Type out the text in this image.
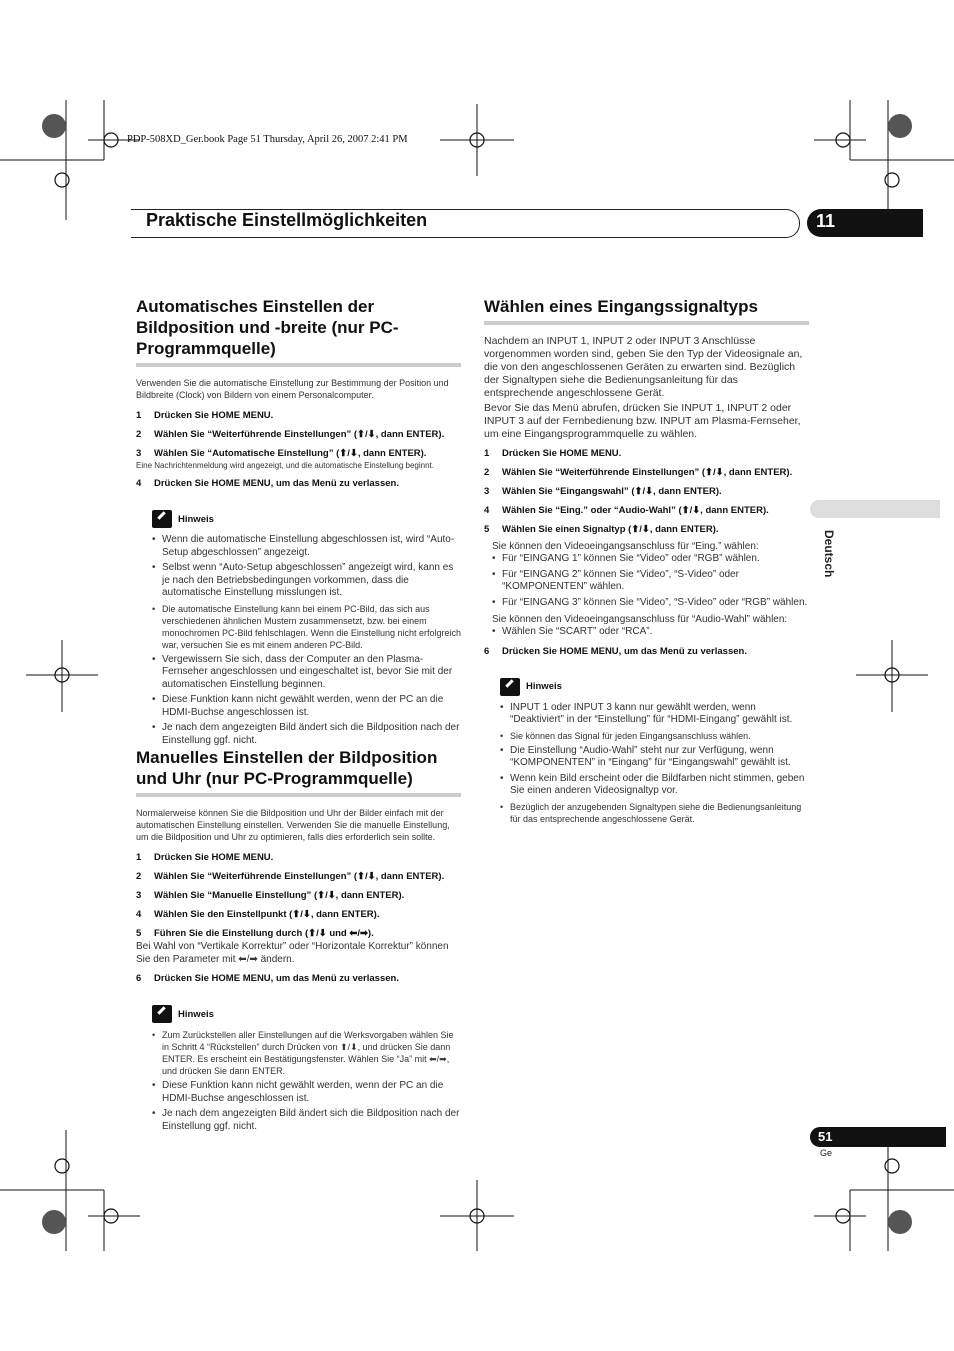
PDP-508XD_Ger.book Page 51 Thursday, April 26, 2007 2:41 PM
Praktische Einstellmöglichkeiten	11
Deutsch
51
Ge
Automatisches Einstellen der Bildposition und -breite (nur PC-Programmquelle)

Verwenden Sie die automatische Einstellung zur Bestimmung der Position und Bildbreite (Clock) von Bildern von einem Personalcomputer.

1	Drücken Sie HOME MENU.
2	Wählen Sie “Weiterführende Einstellungen” (⬆/⬇, dann ENTER).
3	Wählen Sie “Automatische Einstellung” (⬆/⬇, dann ENTER).

Eine Nachrichtenmeldung wird angezeigt, und die automatische Einstellung beginnt.

4	Drücken Sie HOME MENU, um das Menü zu verlassen.
Hinweis
• Wenn die automatische Einstellung abgeschlossen ist, wird “Auto-Setup abgeschlossen” angezeigt.
• Selbst wenn “Auto-Setup abgeschlossen” angezeigt wird, kann es je nach den Betriebsbedingungen vorkommen, dass die automatische Einstellung misslungen ist.
• Die automatische Einstellung kann bei einem PC-Bild, das sich aus verschiedenen ähnlichen Mustern zusammensetzt, bzw. bei einem monochromen PC-Bild fehlschlagen. Wenn die Einstellung nicht erfolgreich war, versuchen Sie es mit einem anderen PC-Bild.
• Vergewissern Sie sich, dass der Computer an den Plasma-Fernseher angeschlossen und eingeschaltet ist, bevor Sie mit der automatischen Einstellung beginnen.
• Diese Funktion kann nicht gewählt werden, wenn der PC an die HDMI-Buchse angeschlossen ist.
• Je nach dem angezeigten Bild ändert sich die Bildposition nach der Einstellung ggf. nicht.
Manuelles Einstellen der Bildposition und Uhr (nur PC-Programmquelle)

Normalerweise können Sie die Bildposition und Uhr der Bilder einfach mit der automatischen Einstellung einstellen. Verwenden Sie die manuelle Einstellung, um die Bildposition und Uhr zu optimieren, falls dies erforderlich sein sollte.

1	Drücken Sie HOME MENU.
2	Wählen Sie “Weiterführende Einstellungen” (⬆/⬇, dann ENTER).
3	Wählen Sie “Manuelle Einstellung” (⬆/⬇, dann ENTER).
4	Wählen Sie den Einstellpunkt (⬆/⬇, dann ENTER).
5	Führen Sie die Einstellung durch (⬆/⬇ und ⬅/➡).

Bei Wahl von “Vertikale Korrektur” oder “Horizontale Korrektur” können Sie den Parameter mit ⬅/➡ ändern.

6	Drücken Sie HOME MENU, um das Menü zu verlassen.
Hinweis
• Zum Zurückstellen aller Einstellungen auf die Werksvorgaben wählen Sie in Schritt 4 “Rückstellen” durch Drücken von ⬆/⬇, und drücken Sie dann ENTER. Es erscheint ein Bestätigungsfenster. Wählen Sie “Ja” mit ⬅/➡, und drücken Sie dann ENTER.
• Diese Funktion kann nicht gewählt werden, wenn der PC an die HDMI-Buchse angeschlossen ist.
• Je nach dem angezeigten Bild ändert sich die Bildposition nach der Einstellung ggf. nicht.
Wählen eines Eingangssignaltyps

Nachdem an INPUT 1, INPUT 2 oder INPUT 3 Anschlüsse vorgenommen worden sind, geben Sie den Typ der Videosignale an, die von den angeschlossenen Geräten zu erwarten sind. Bezüglich der Signaltypen siehe die Bedienungsanleitung für das entsprechende angeschlossene Gerät.

Bevor Sie das Menü abrufen, drücken Sie INPUT 1, INPUT 2 oder INPUT 3 auf der Fernbedienung bzw. INPUT am Plasma-Fernseher, um eine Eingangsprogrammquelle zu wählen.

1	Drücken Sie HOME MENU.
2	Wählen Sie “Weiterführende Einstellungen” (⬆/⬇, dann ENTER).
3	Wählen Sie “Eingangswahl” (⬆/⬇, dann ENTER).
4	Wählen Sie “Eing.” oder “Audio-Wahl” (⬆/⬇, dann ENTER).
5	Wählen Sie einen Signaltyp (⬆/⬇, dann ENTER).

Sie können den Videoeingangsanschluss für “Eing.” wählen:

• Für “EINGANG 1” können Sie “Video” oder “RGB” wählen.
• Für “EINGANG 2” können Sie “Video”, “S-Video” oder “KOMPONENTEN” wählen.
• Für “EINGANG 3” können Sie “Video”, “S-Video” oder “RGB” wählen.

Sie können den Videoeingangsanschluss für “Audio-Wahl” wählen:

• Wählen Sie “SCART” oder “RCA”.
6	Drücken Sie HOME MENU, um das Menü zu verlassen.
Hinweis
• INPUT 1 oder INPUT 3 kann nur gewählt werden, wenn “Deaktiviert” in der “Einstellung” für “HDMI-Eingang” gewählt ist.
• Sie können das Signal für jeden Eingangsanschluss wählen.
• Die Einstellung “Audio-Wahl” steht nur zur Verfügung, wenn “KOMPONENTEN” in “Eingang” für “Eingangswahl” gewählt ist.
• Wenn kein Bild erscheint oder die Bildfarben nicht stimmen, geben Sie einen anderen Videosignaltyp vor.
• Bezüglich der anzugebenden Signaltypen siehe die Bedienungsanleitung für das entsprechende angeschlossene Gerät.
